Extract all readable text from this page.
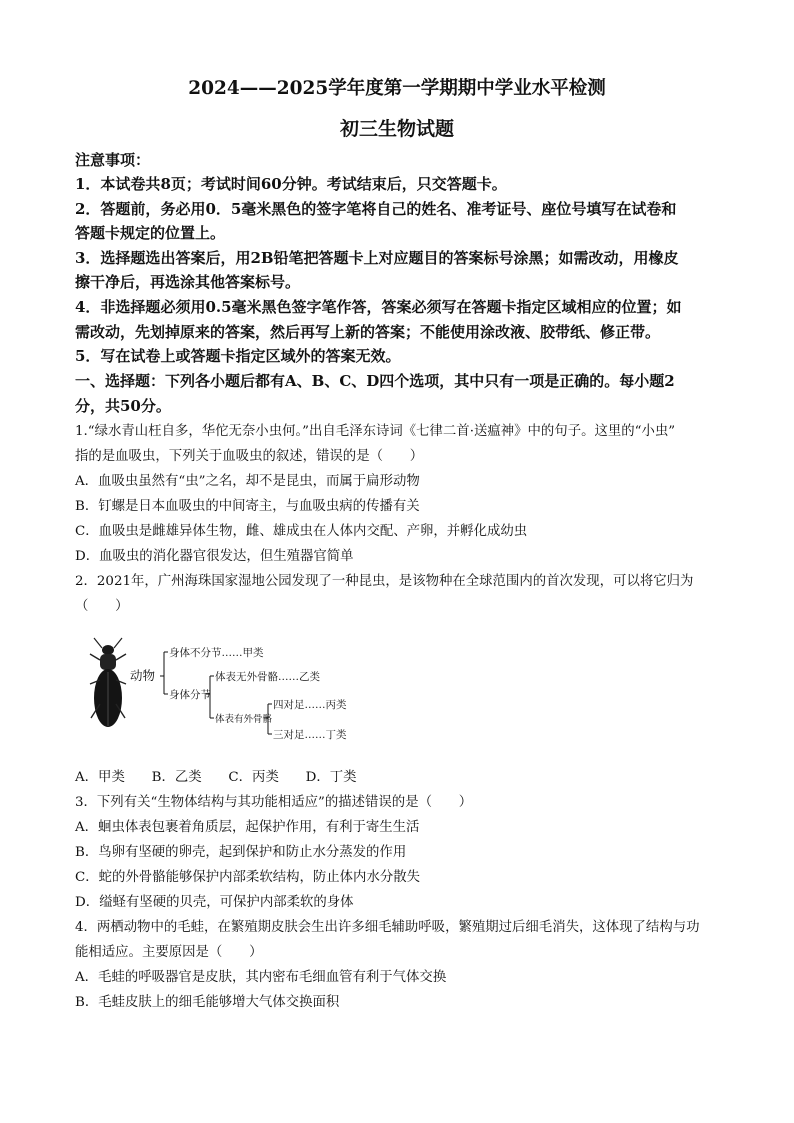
2024——2025学年度第一学期期中学业水平检测
初三生物试题
注意事项：
1．本试卷共8页；考试时间60分钟。考试结束后，只交答题卡。
2．答题前，务必用0．5毫米黑色的签字笔将自己的姓名、准考证号、座位号填写在试卷和
答题卡规定的位置上。
3．选择题选出答案后，用2B铅笔把答题卡上对应题目的答案标号涂黑；如需改动，用橡皮
擦干净后，再选涂其他答案标号。
4．非选择题必须用0.5毫米黑色签字笔作答，答案必须写在答题卡指定区域相应的位置；如
需改动，先划掉原来的答案，然后再写上新的答案；不能使用涂改液、胶带纸、修正带。
5．写在试卷上或答题卡指定区域外的答案无效。
一、选择题：下列各小题后都有A、B、C、D四个选项，其中只有一项是正确的。每小题2
分，共50分。
1.“绿水青山枉自多，华佗无奈小虫何。”出自毛泽东诗词《七律二首·送瘟神》中的句子。这里的“小虫”
指的是血吸虫，下列关于血吸虫的叙述，错误的是（　　）
A．血吸虫虽然有“虫”之名，却不是昆虫，而属于扁形动物
B．钉螺是日本血吸虫的中间寄主，与血吸虫病的传播有关
C．血吸虫是雌雄异体生物，雌、雄成虫在人体内交配、产卵，并孵化成幼虫
D．血吸虫的消化器官很发达，但生殖器官简单
2．2021年，广州海珠国家湿地公园发现了一种昆虫，是该物种在全球范围内的首次发现，可以将它归为
（　　）
动物
身体不分节……甲类
身体分节
体表无外骨骼……乙类
体表有外骨骼
四对足……丙类
三对足……丁类
A．甲类　　B．乙类　　C．丙类　　D．丁类
3．下列有关“生物体结构与其功能相适应”的描述错误的是（　　）
A．蛔虫体表包裹着角质层，起保护作用，有利于寄生生活
B．鸟卵有坚硬的卵壳，起到保护和防止水分蒸发的作用
C．蛇的外骨骼能够保护内部柔软结构，防止体内水分散失
D．缢蛏有坚硬的贝壳，可保护内部柔软的身体
4．两栖动物中的毛蛙，在繁殖期皮肤会生出许多细毛辅助呼吸，繁殖期过后细毛消失，这体现了结构与功
能相适应。主要原因是（　　）
A．毛蛙的呼吸器官是皮肤，其内密布毛细血管有利于气体交换
B．毛蛙皮肤上的细毛能够增大气体交换面积
